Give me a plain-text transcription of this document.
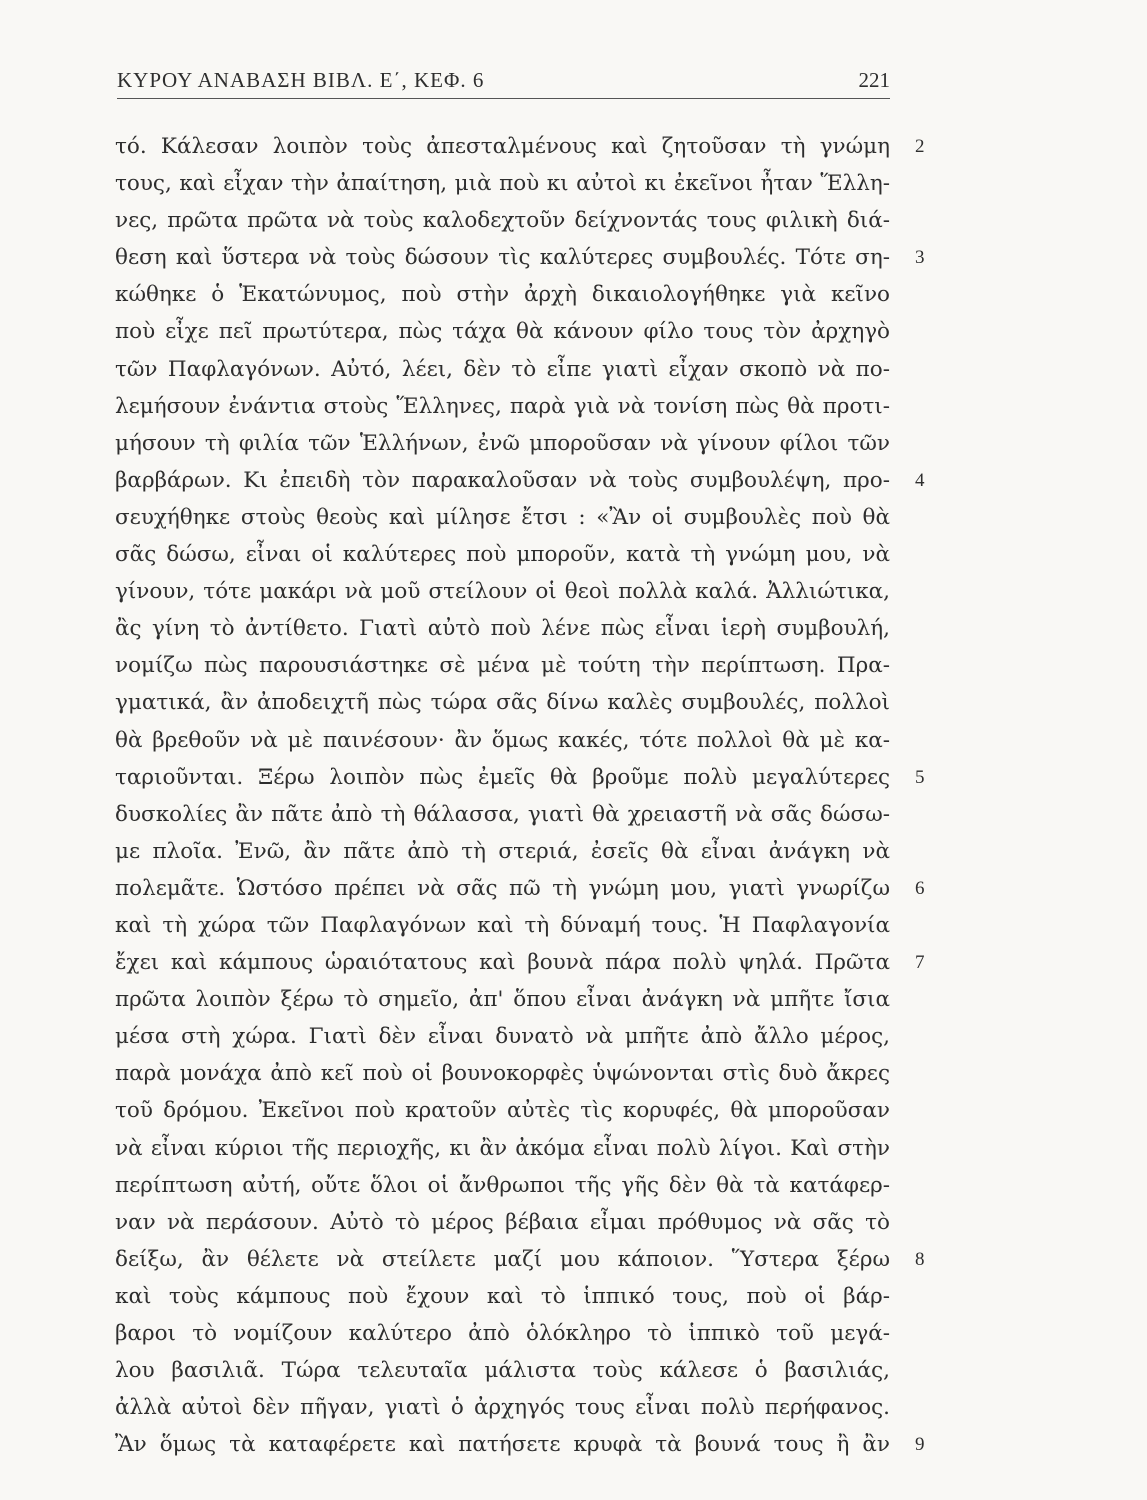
ΚΥΡΟΥ ΑΝΑΒΑΣΗ ΒΙΒΛ. Ε΄, ΚΕΦ. 6	221
τό. Κάλεσαν λοιπὸν τοὺς ἀπεσταλμένους καὶ ζητοῦσαν τὴ γνώμη 2
τους, καὶ εἶχαν τὴν ἀπαίτηση, μιὰ ποὺ κι αὐτοὶ κι ἐκεῖνοι ἦταν Ἕλλη-
νες, πρῶτα πρῶτα νὰ τοὺς καλοδεχτοῦν δείχνοντάς τους φιλικὴ διά-
θεση καὶ ὕστερα νὰ τοὺς δώσουν τὶς καλύτερες συμβουλές. Τότε ση- 3
κώθηκε ὁ Ἑκατώνυμος, ποὺ στὴν ἀρχὴ δικαιολογήθηκε γιὰ κεῖνο
ποὺ εἶχε πεῖ πρωτύτερα, πὼς τάχα θὰ κάνουν φίλο τους τὸν ἀρχηγὸ
τῶν Παφλαγόνων. Αὐτό, λέει, δὲν τὸ εἶπε γιατὶ εἶχαν σκοπὸ νὰ πο-
λεμήσουν ἐνάντια στοὺς Ἕλληνες, παρὰ γιὰ νὰ τονίση πὼς θὰ προτι-
μήσουν τὴ φιλία τῶν Ἑλλήνων, ἐνῶ μποροῦσαν νὰ γίνουν φίλοι τῶν
βαρβάρων. Κι ἐπειδὴ τὸν παρακαλοῦσαν νὰ τοὺς συμβουλέψη, προ- 4
σευχήθηκε στοὺς θεοὺς καὶ μίλησε ἔτσι : «Ἂν οἱ συμβουλὲς ποὺ θὰ
σᾶς δώσω, εἶναι οἱ καλύτερες ποὺ μποροῦν, κατὰ τὴ γνώμη μου, νὰ
γίνουν, τότε μακάρι νὰ μοῦ στείλουν οἱ θεοὶ πολλὰ καλά. Ἀλλιώτικα,
ἂς γίνη τὸ ἀντίθετο. Γιατὶ αὐτὸ ποὺ λένε πὼς εἶναι ἱερὴ συμβουλή,
νομίζω πὼς παρουσιάστηκε σὲ μένα μὲ τούτη τὴν περίπτωση. Πρα-
γματικά, ἂν ἀποδειχτῆ πὼς τώρα σᾶς δίνω καλὲς συμβουλές, πολλοὶ
θὰ βρεθοῦν νὰ μὲ παινέσουν· ἂν ὅμως κακές, τότε πολλοὶ θὰ μὲ κα-
ταριοῦνται. Ξέρω λοιπὸν πὼς ἐμεῖς θὰ βροῦμε πολὺ μεγαλύτερες 5
δυσκολίες ἂν πᾶτε ἀπὸ τὴ θάλασσα, γιατὶ θὰ χρειαστῆ νὰ σᾶς δώσω-
με πλοῖα. Ἐνῶ, ἂν πᾶτε ἀπὸ τὴ στεριά, ἐσεῖς θὰ εἶναι ἀνάγκη νὰ
πολεμᾶτε. Ὡστόσο πρέπει νὰ σᾶς πῶ τὴ γνώμη μου, γιατὶ γνωρίζω 6
καὶ τὴ χώρα τῶν Παφλαγόνων καὶ τὴ δύναμή τους. Ἡ Παφλαγονία
ἔχει καὶ κάμπους ὡραιότατους καὶ βουνὰ πάρα πολὺ ψηλά. Πρῶτα 7
πρῶτα λοιπὸν ξέρω τὸ σημεῖο, ἀπ' ὅπου εἶναι ἀνάγκη νὰ μπῆτε ἴσια
μέσα στὴ χώρα. Γιατὶ δὲν εἶναι δυνατὸ νὰ μπῆτε ἀπὸ ἄλλο μέρος,
παρὰ μονάχα ἀπὸ κεῖ ποὺ οἱ βουνοκορφὲς ὑψώνονται στὶς δυὸ ἄκρες
τοῦ δρόμου. Ἐκεῖνοι ποὺ κρατοῦν αὐτὲς τὶς κορυφές, θὰ μποροῦσαν
νὰ εἶναι κύριοι τῆς περιοχῆς, κι ἂν ἀκόμα εἶναι πολὺ λίγοι. Καὶ στὴν
περίπτωση αὐτή, οὔτε ὅλοι οἱ ἄνθρωποι τῆς γῆς δὲν θὰ τὰ κατάφερ-
ναν νὰ περάσουν. Αὐτὸ τὸ μέρος βέβαια εἶμαι πρόθυμος νὰ σᾶς τὸ
δείξω, ἂν θέλετε νὰ στείλετε μαζί μου κάποιον. Ὕστερα ξέρω 8
καὶ τοὺς κάμπους ποὺ ἔχουν καὶ τὸ ἱππικό τους, ποὺ οἱ βάρ-
βαροι τὸ νομίζουν καλύτερο ἀπὸ ὁλόκληρο τὸ ἱππικὸ τοῦ μεγά-
λου βασιλιᾶ. Τώρα τελευταῖα μάλιστα τοὺς κάλεσε ὁ βασιλιάς,
ἀλλὰ αὐτοὶ δὲν πῆγαν, γιατὶ ὁ ἀρχηγός τους εἶναι πολὺ περήφανος.
Ἂν ὅμως τὰ καταφέρετε καὶ πατήσετε κρυφὰ τὰ βουνά τους ἢ ἂν 9
